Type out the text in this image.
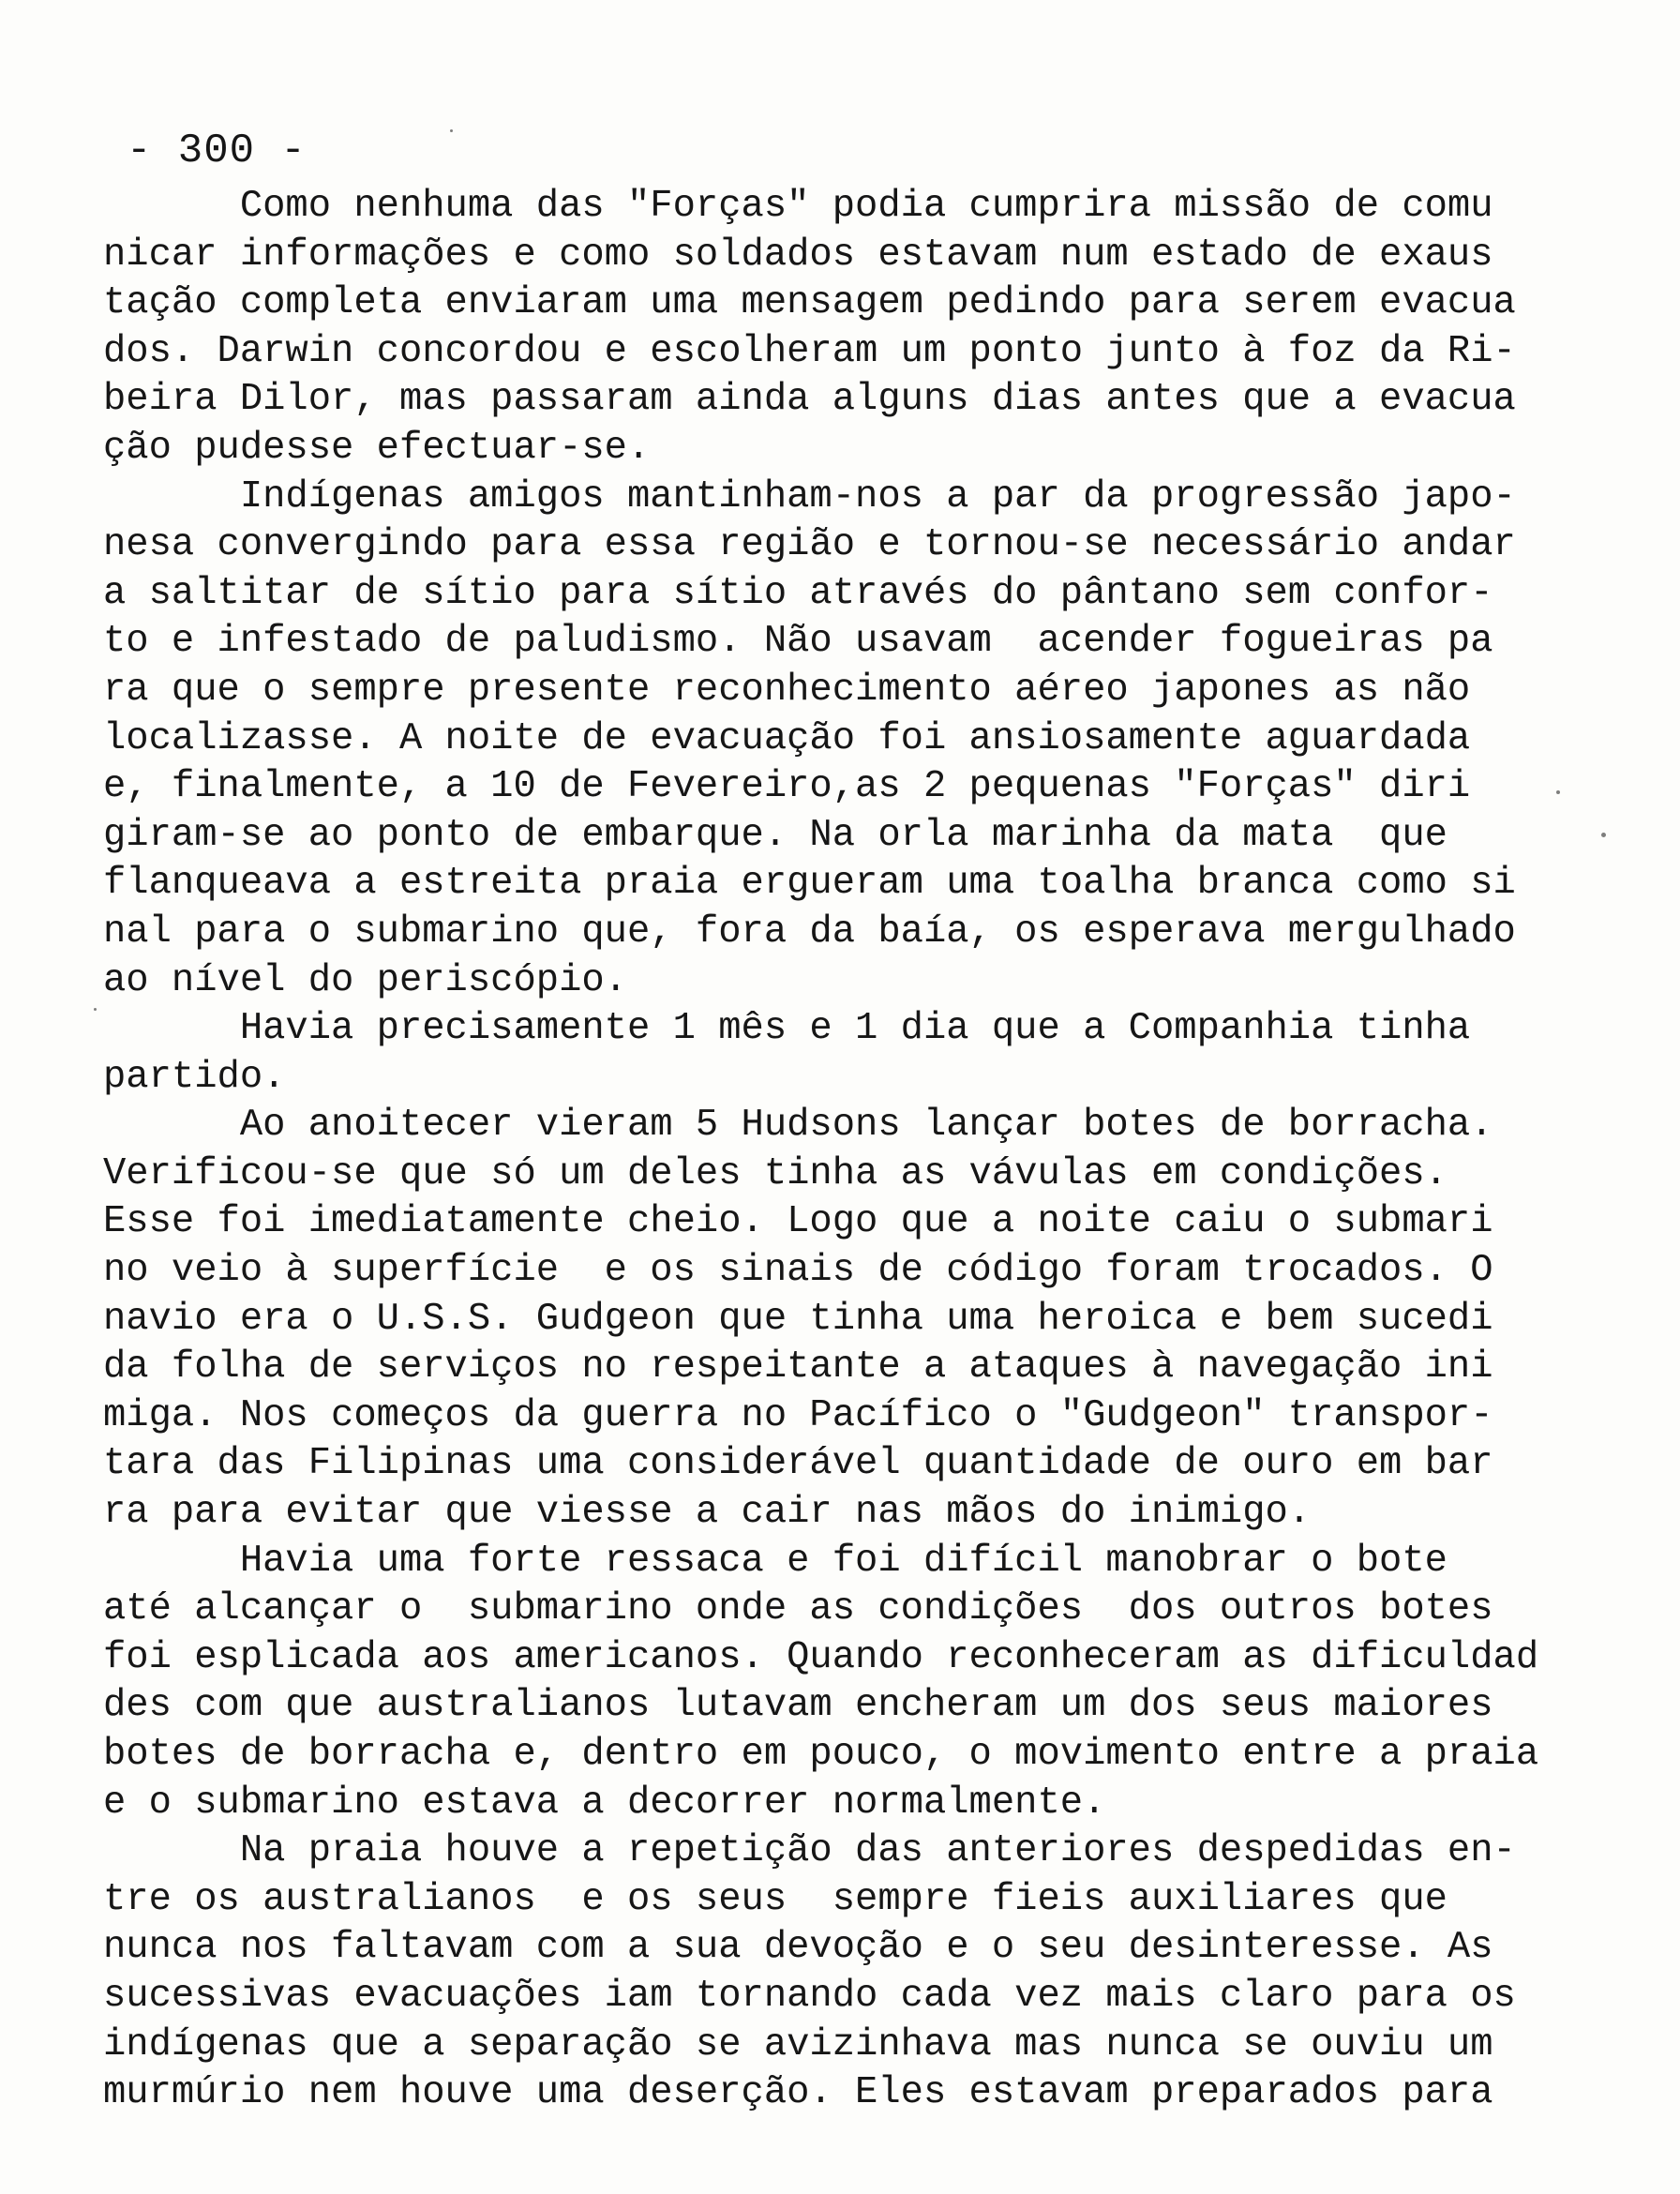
- 300 -
Como nenhuma das "Forças" podia cumprira missão de comu
nicar informações e como soldados estavam num estado de exaus
tação completa enviaram uma mensagem pedindo para serem evacua
dos. Darwin concordou e escolheram um ponto junto à foz da Ri-
beira Dilor, mas passaram ainda alguns dias antes que a evacua
ção pudesse efectuar-se.
Indígenas amigos mantinham-nos a par da progressão japo-
nesa convergindo para essa região e tornou-se necessário andar
a saltitar de sítio para sítio através do pântano sem confor-
to e infestado de paludismo. Não usavam  acender fogueiras pa
ra que o sempre presente reconhecimento aéreo japones as não
localizasse. A noite de evacuação foi ansiosamente aguardada
e, finalmente, a 10 de Fevereiro,as 2 pequenas "Forças" diri
giram-se ao ponto de embarque. Na orla marinha da mata  que
flanqueava a estreita praia ergueram uma toalha branca como si
nal para o submarino que, fora da baía, os esperava mergulhado
ao nível do periscópio.
Havia precisamente 1 mês e 1 dia que a Companhia tinha
partido.
Ao anoitecer vieram 5 Hudsons lançar botes de borracha.
Verificou-se que só um deles tinha as vávulas em condições.
Esse foi imediatamente cheio. Logo que a noite caiu o submari
no veio à superfície  e os sinais de código foram trocados. O
navio era o U.S.S. Gudgeon que tinha uma heroica e bem sucedi
da folha de serviços no respeitante a ataques à navegação ini
miga. Nos começos da guerra no Pacífico o "Gudgeon" transpor-
tara das Filipinas uma considerável quantidade de ouro em bar
ra para evitar que viesse a cair nas mãos do inimigo.
Havia uma forte ressaca e foi difícil manobrar o bote
até alcançar o  submarino onde as condições  dos outros botes
foi esplicada aos americanos. Quando reconheceram as dificuldad
des com que australianos lutavam encheram um dos seus maiores
botes de borracha e, dentro em pouco, o movimento entre a praia
e o submarino estava a decorrer normalmente.
Na praia houve a repetição das anteriores despedidas en-
tre os australianos  e os seus  sempre fieis auxiliares que
nunca nos faltavam com a sua devoção e o seu desinteresse. As
sucessivas evacuações iam tornando cada vez mais claro para os
indígenas que a separação se avizinhava mas nunca se ouviu um
murmúrio nem houve uma deserção. Eles estavam preparados para
